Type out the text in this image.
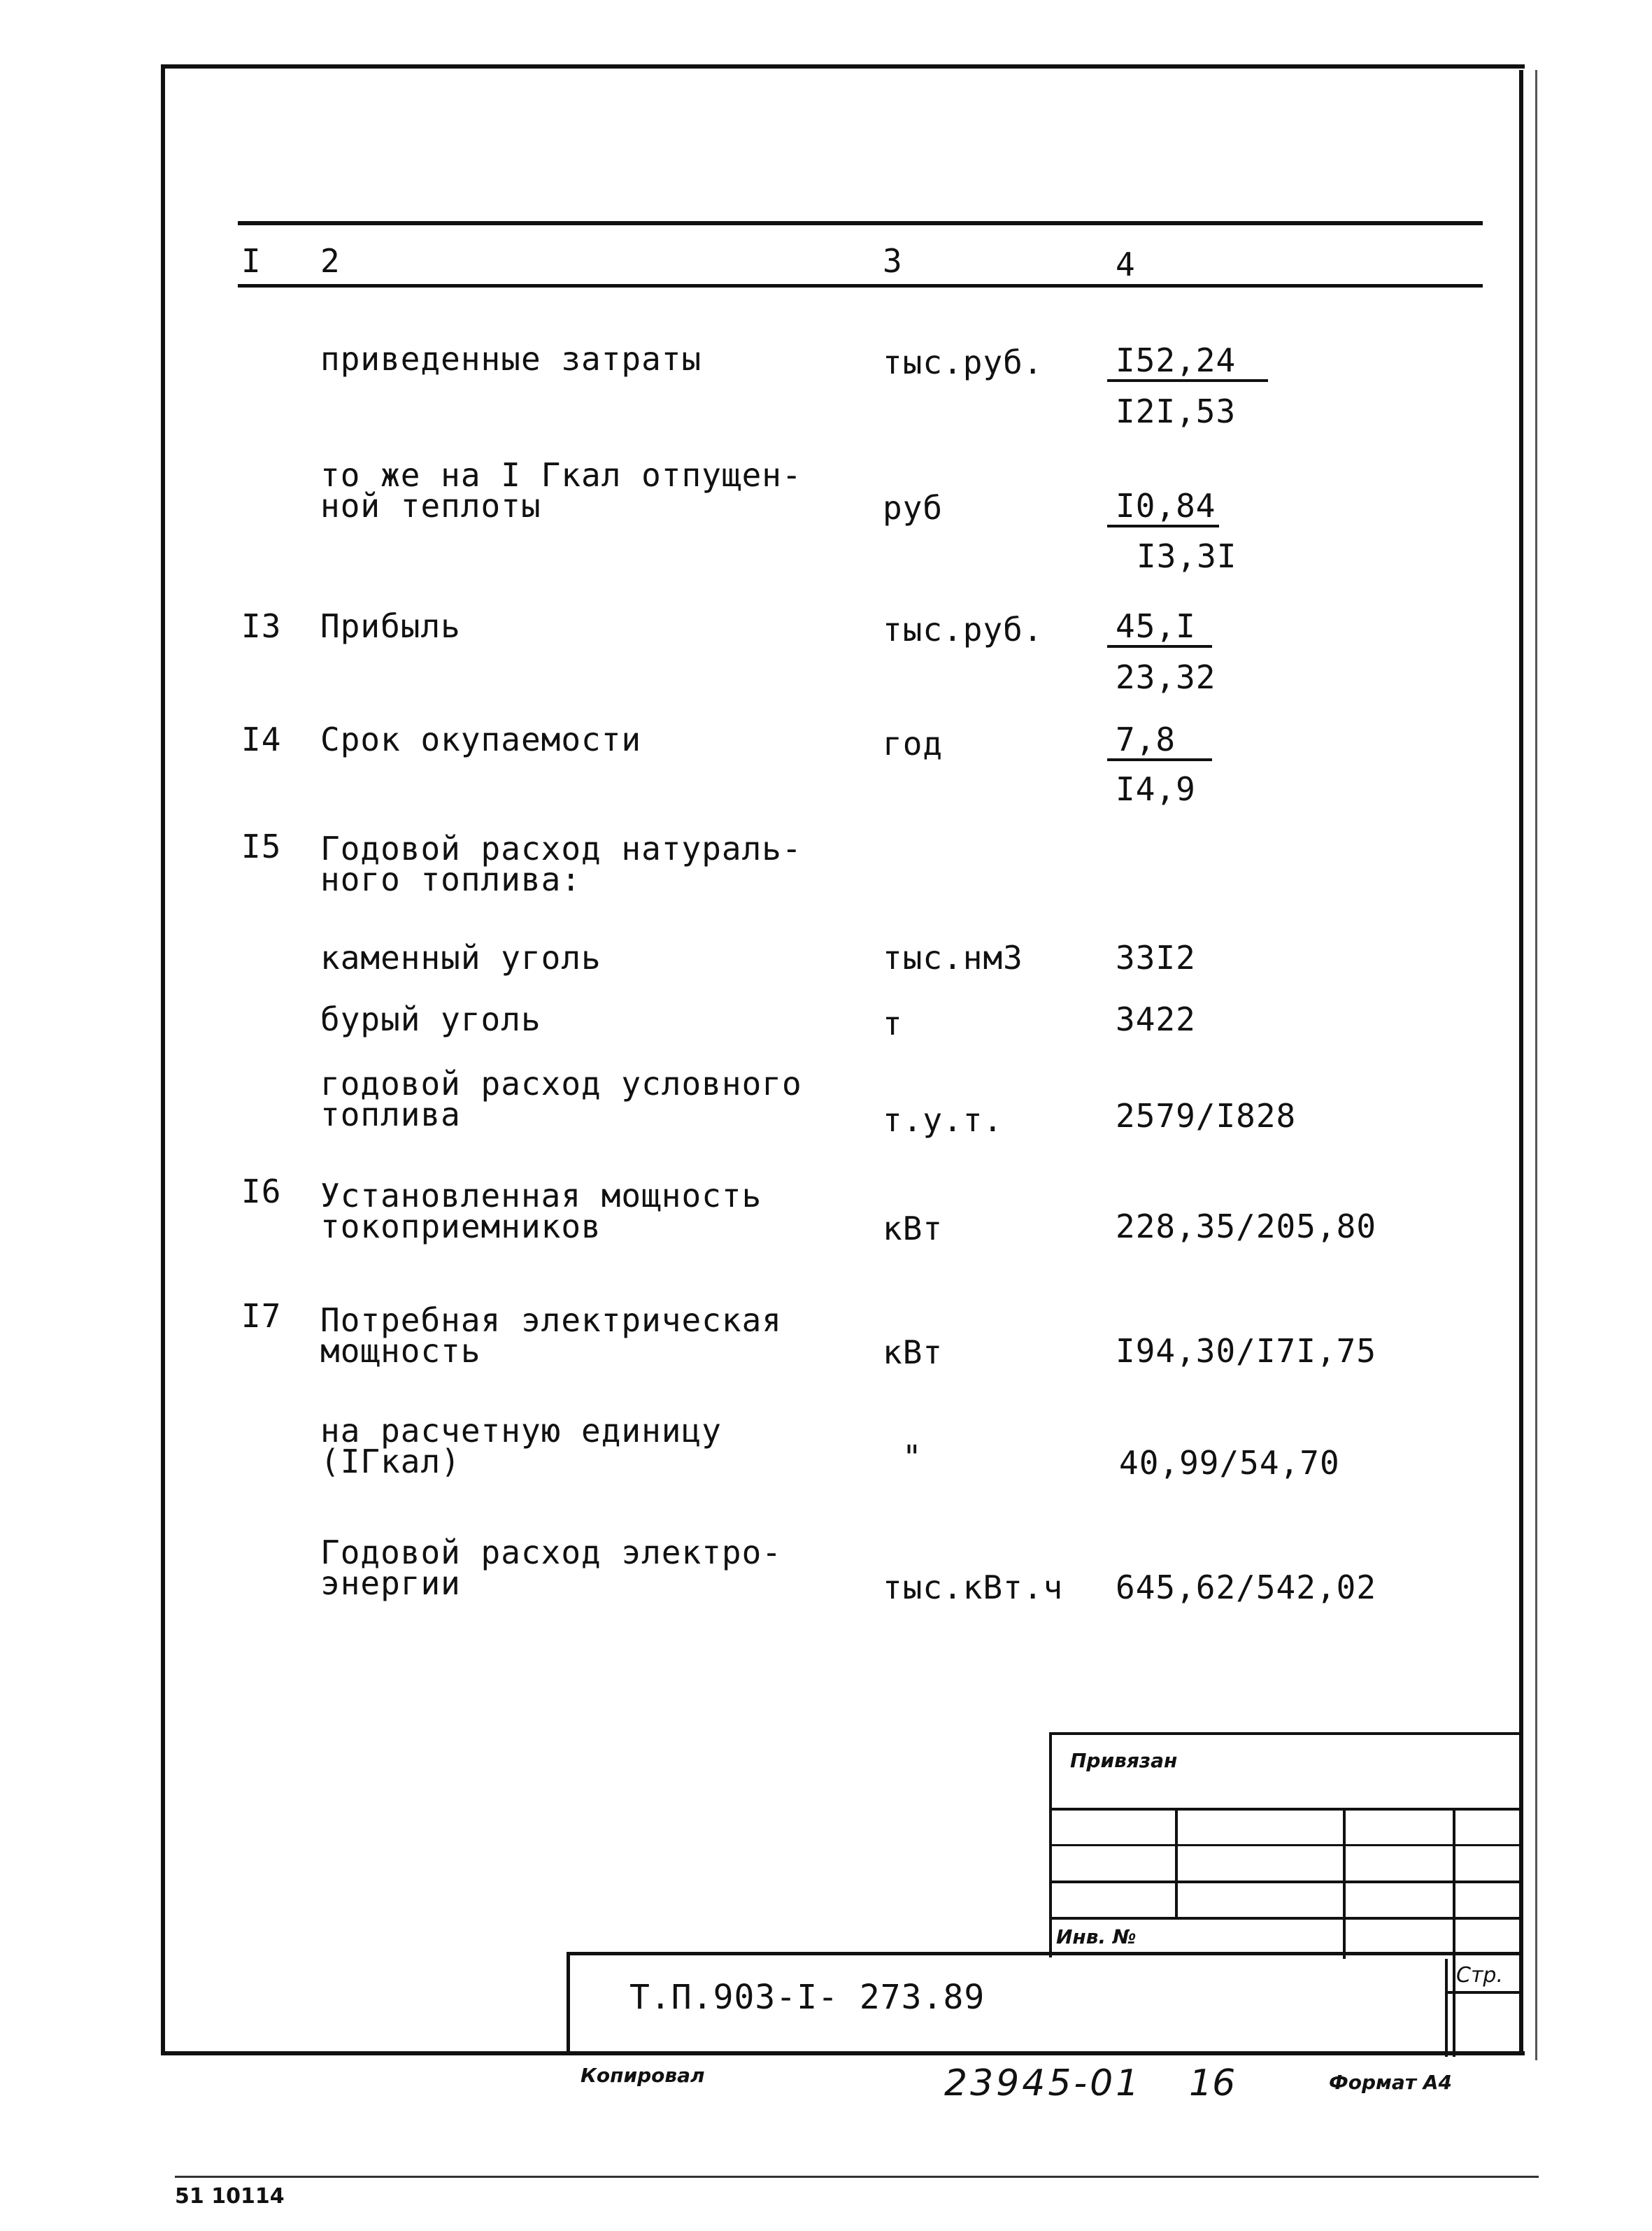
I 2	3	4
приведенные затраты	тыс.руб. I52,24
I2I,53
то же на I Гкал отпущен-
ной теплоты	руб	I0,84
I3,3I
I3 Прибыль	тыс.руб. 45,I
23,32
I4 Срок окупаемости	год	7,8
I4,9
I5 Годовой расход натураль-
ного топлива:
каменный уголь	тыс.нм3	33I2
бурый уголь	т	3422
годовой расход условного
топлива	т.у.т.	2579/I828
I6 Установленная мощность
токоприемников	кВт	228,35/205,80
I7 Потребная электрическая
мощность	кВт	I94,30/I7I,75
на расчетную единицу
(IГкал)	"	40,99/54,70
Годовой расход электро-
энергии	тыс.кВт.ч 645,62/542,02
Привязан
Инв. №
Стр.
Т.П.903-I- 273.89
Копировал	23945-01 16	Формат А4
51 10114
